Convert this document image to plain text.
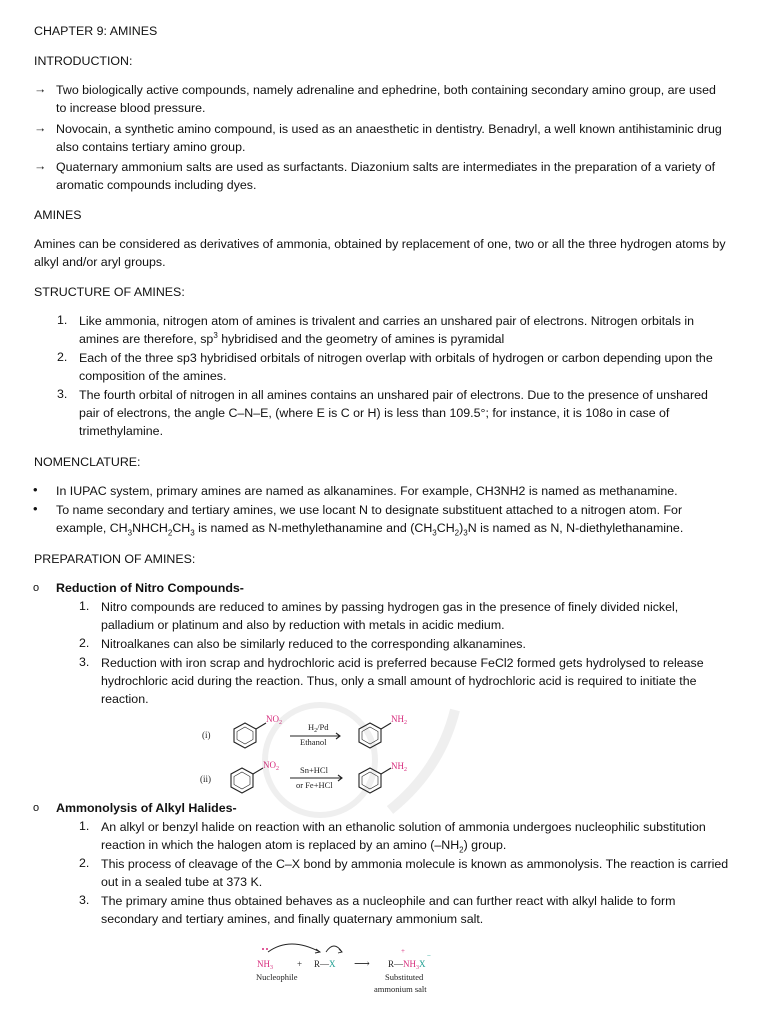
CHAPTER 9: AMINES
INTRODUCTION:
→ Two biologically active compounds, namely adrenaline and ephedrine, both containing secondary amino group, are used
to increase blood pressure.
→ Novocain, a synthetic amino compound, is used as an anaesthetic in dentistry. Benadryl, a well known antihistaminic drug
also contains tertiary amino group.
→ Quaternary ammonium salts are used as surfactants. Diazonium salts are intermediates in the preparation of a variety of
aromatic compounds including dyes.
AMINES
Amines can be considered as derivatives of ammonia, obtained by replacement of one, two or all the three hydrogen atoms by
alkyl and/or aryl groups.
STRUCTURE OF AMINES:
1. Like ammonia, nitrogen atom of amines is trivalent and carries an unshared pair of electrons. Nitrogen orbitals in
amines are therefore, $sp^3$ hybridised and the geometry of amines is pyramidal
2. Each of the three sp3 hybridised orbitals of nitrogen overlap with orbitals of hydrogen or carbon depending upon the
composition of the amines.
3. The fourth orbital of nitrogen in all amines contains an unshared pair of electrons. Due to the presence of unshared
pair of electrons, the angle C–N–E, (where E is C or H) is less than 109.5°; for instance, it is 108o in case of
trimethylamine.
NOMENCLATURE:
• In IUPAC system, primary amines are named as alkanamines. For example, CH3NH2 is named as methanamine.
• To name secondary and tertiary amines, we use locant N to designate substituent attached to a nitrogen atom. For
example, $CH_3NHCH_2CH_3$ is named as N-methylethanamine and $(CH_3CH_2)_3N$ is named as N, N-diethylethanamine.
PREPARATION OF AMINES:
o Reduction of Nitro Compounds-
1. Nitro compounds are reduced to amines by passing hydrogen gas in the presence of finely divided nickel,
palladium or platinum and also by reduction with metals in acidic medium.
2. Nitroalkanes can also be similarly reduced to the corresponding alkanamines.
3. Reduction with iron scrap and hydrochloric acid is preferred because FeCl2 formed gets hydrolysed to release
hydrochloric acid during the reaction. Thus, only a small amount of hydrochloric acid is required to initiate the
reaction.
(i)
(ii)
$NO_2$	$NH_2$
$NO_2$	$NH_2$
$H_2/Pd$
Ethanol
Sn+HCl
or Fe+HCl
o Ammonolysis of Alkyl Halides-
1. An alkyl or benzyl halide on reaction with an ethanolic solution of ammonia undergoes nucleophilic substitution
reaction in which the halogen atom is replaced by an amino $(-NH_2)$ group.
2. This process of cleavage of the C–X bond by ammonia molecule is known as ammonolysis. The reaction is carried
out in a sealed tube at 373 K.
3. The primary amine thus obtained behaves as a nucleophile and can further react with alkyl halide to form
secondary and tertiary amines, and finally quaternary ammonium salt.
$NH_3$	+ R—X
Nucleophile
⟶
+
−
$R—NH_3X$
Substituted
ammonium salt
